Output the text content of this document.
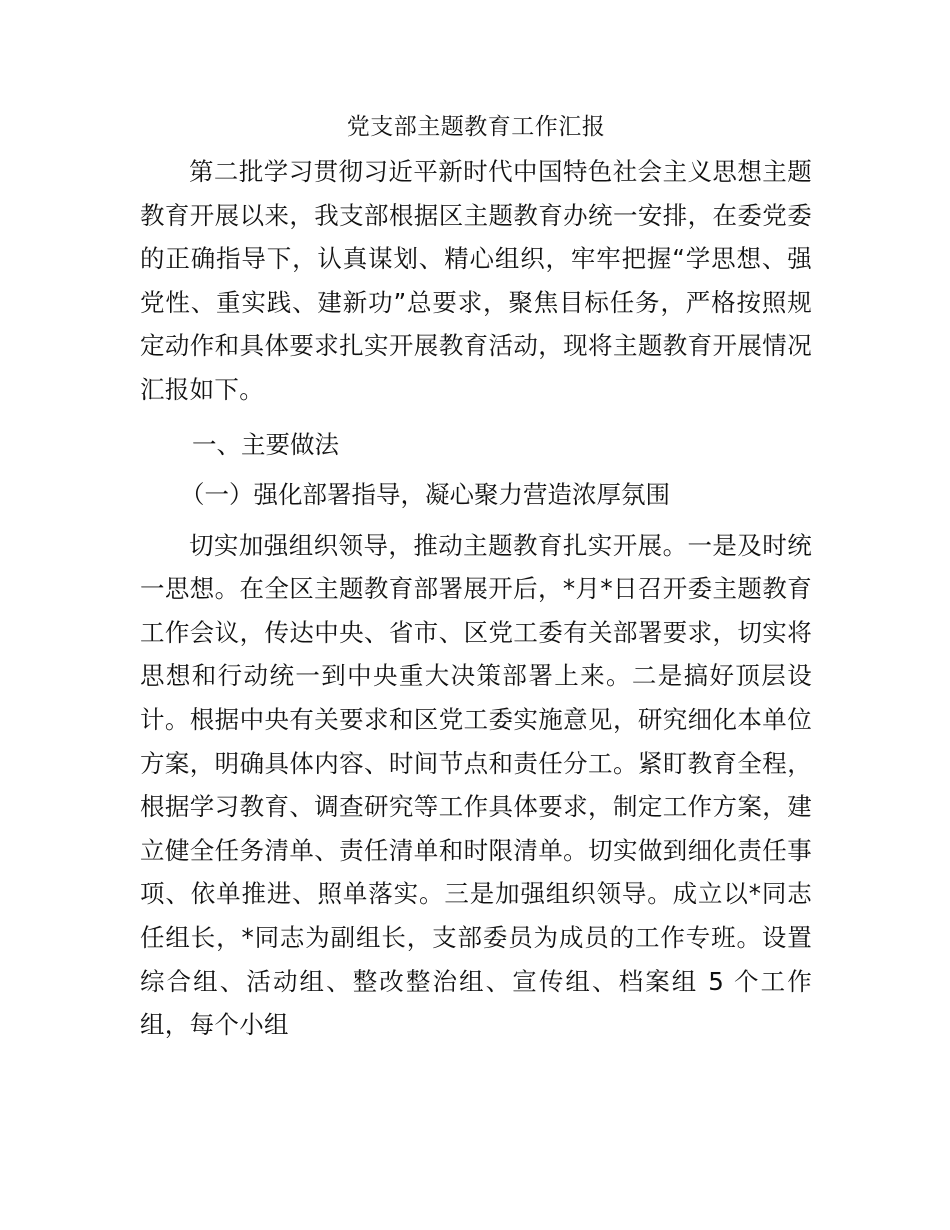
党支部主题教育工作汇报

第二批学习贯彻习近平新时代中国特色社会主义思想主题教育开展以来，我支部根据区主题教育办统一安排，在委党委的正确指导下，认真谋划、精心组织，牢牢把握“学思想、强党性、重实践、建新功”总要求，聚焦目标任务，严格按照规定动作和具体要求扎实开展教育活动，现将主题教育开展情况汇报如下。

一、主要做法
（一）强化部署指导，凝心聚力营造浓厚氛围

切实加强组织领导，推动主题教育扎实开展。一是及时统一思想。在全区主题教育部署展开后，*月*日召开委主题教育工作会议，传达中央、省市、区党工委有关部署要求，切实将思想和行动统一到中央重大决策部署上来。二是搞好顶层设计。根据中央有关要求和区党工委实施意见，研究细化本单位方案，明确具体内容、时间节点和责任分工。紧盯教育全程，根据学习教育、调查研究等工作具体要求，制定工作方案，建立健全任务清单、责任清单和时限清单。切实做到细化责任事项、依单推进、照单落实。三是加强组织领导。成立以*同志任组长，*同志为副组长，支部委员为成员的工作专班。设置综合组、活动组、整改整治组、宣传组、档案组 5 个工作组，每个小组
